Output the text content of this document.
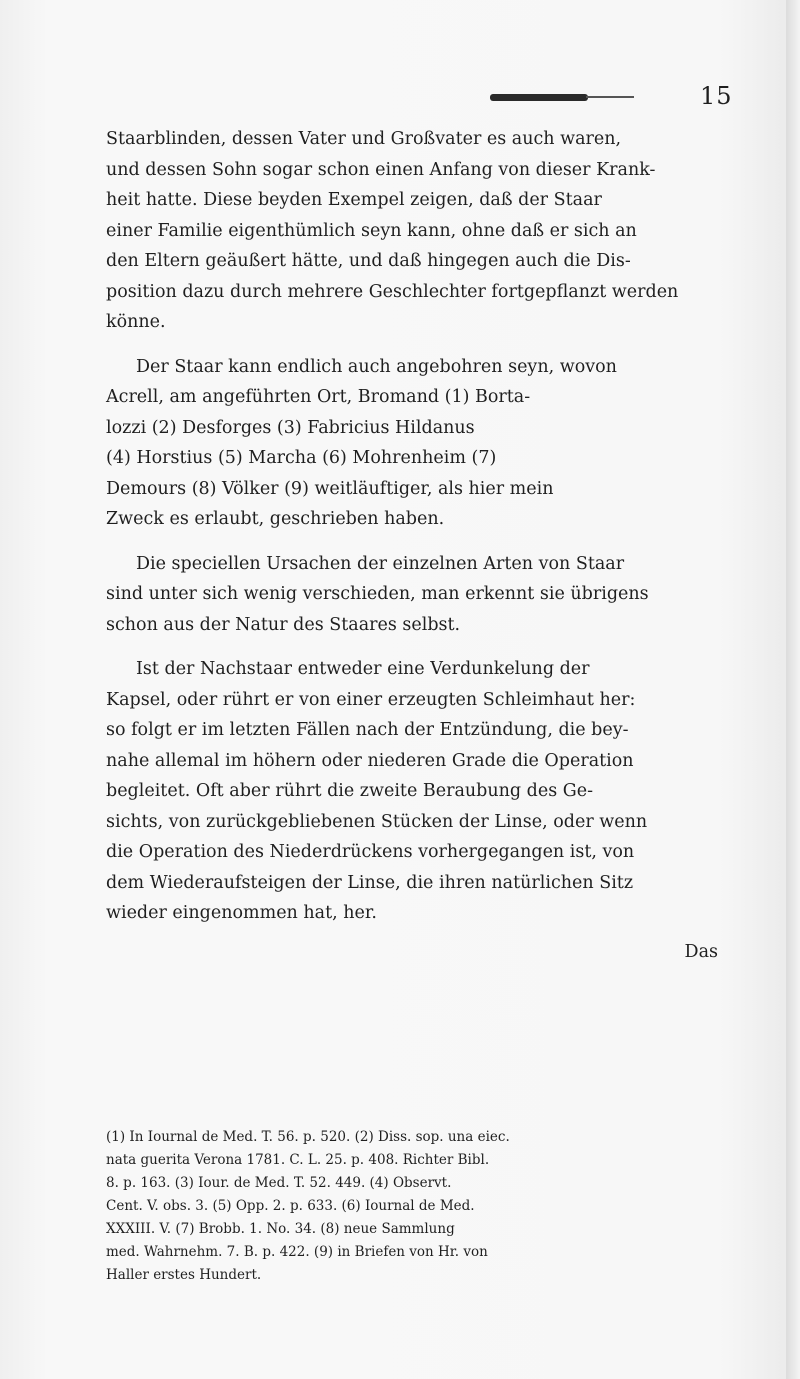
15

Staarblinden, dessen Vater und Großvater es auch waren,
und dessen Sohn sogar schon einen Anfang von dieser Krank-
heit hatte. Diese beyden Exempel zeigen, daß der Staar
einer Familie eigenthümlich seyn kann, ohne daß er sich an
den Eltern geäußert hätte, und daß hingegen auch die Dis-
position dazu durch mehrere Geschlechter fortgepflanzt werden
könne.

Der Staar kann endlich auch angebohren seyn, wovon
Acrell, am angeführten Ort, Bromand (1) Borta-
lozzi (2) Desforges (3) Fabricius Hildanus
(4) Horstius (5) Marcha (6) Mohrenheim (7)
Demours (8) Völker (9) weitläuftiger, als hier mein
Zweck es erlaubt, geschrieben haben.

Die speciellen Ursachen der einzelnen Arten von Staar
sind unter sich wenig verschieden, man erkennt sie übrigens
schon aus der Natur des Staares selbst.

Ist der Nachstaar entweder eine Verdunkelung der
Kapsel, oder rührt er von einer erzeugten Schleimhaut her:
so folgt er im letzten Fällen nach der Entzündung, die bey-
nahe allemal im höhern oder niederen Grade die Operation
begleitet. Oft aber rührt die zweite Beraubung des Ge-
sichts, von zurückgebliebenen Stücken der Linse, oder wenn
die Operation des Niederdrückens vorhergegangen ist, von
dem Wiederaufsteigen der Linse, die ihren natürlichen Sitz
wieder eingenommen hat, her.

Das
(1) In Iournal de Med. T. 56. p. 520. (2) Diss. sop. una eiec.
nata guerita Verona 1781. C. L. 25. p. 408. Richter Bibl.
8. p. 163. (3) Iour. de Med. T. 52. 449. (4) Observt.
Cent. V. obs. 3. (5) Opp. 2. p. 633. (6) Iournal de Med.
XXXIII. V. (7) Brobb. 1. No. 34. (8) neue Sammlung
med. Wahrnehm. 7. B. p. 422. (9) in Briefen von Hr. von
Haller erstes Hundert.
